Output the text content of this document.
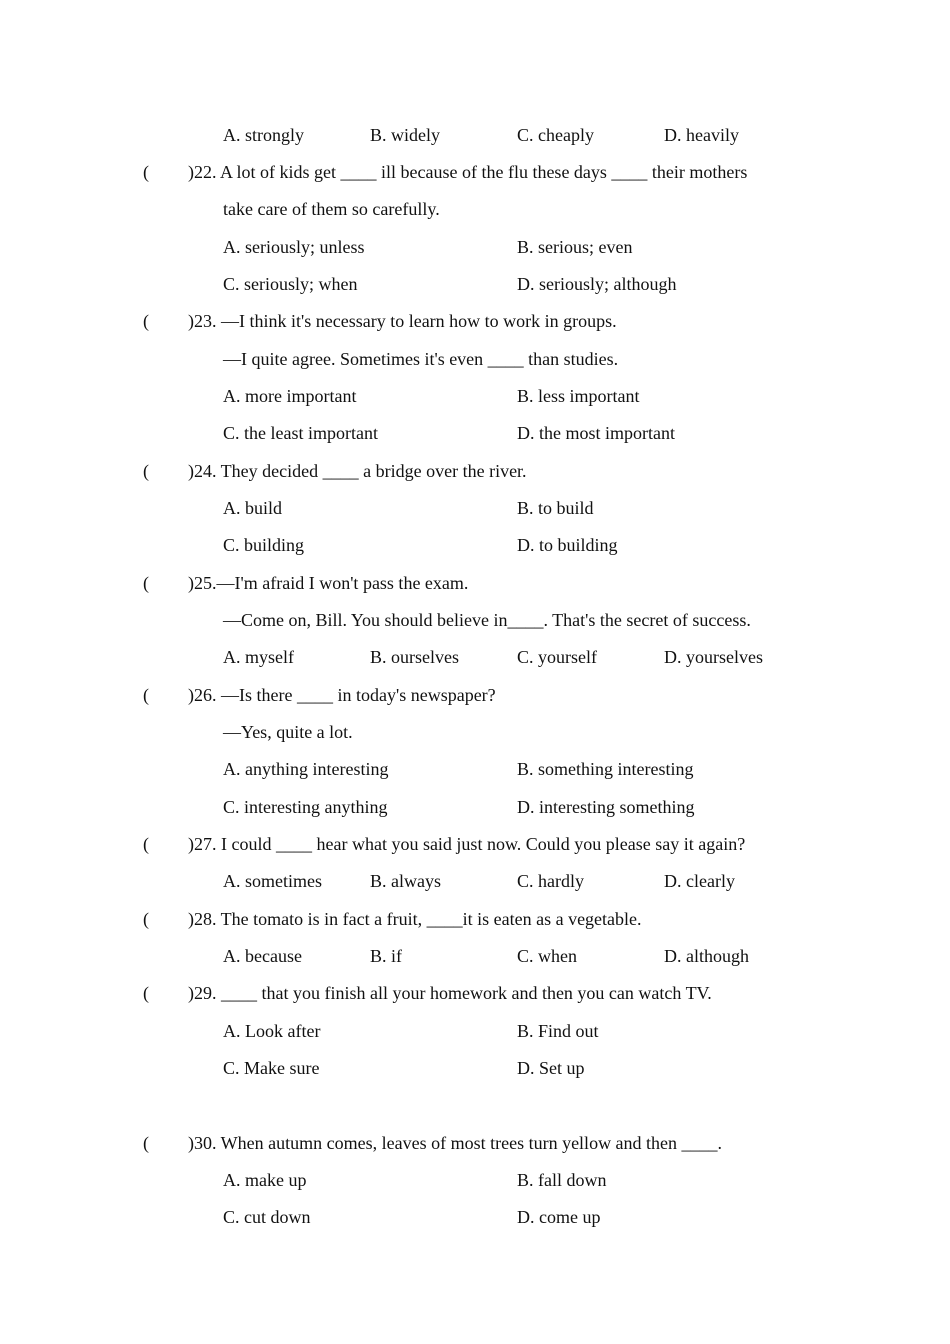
A. strongly	B. widely	C. cheaply	D. heavily
( )22. A lot of kids get ____ ill because of the flu these days ____ their mothers
take care of them so carefully.
A. seriously; unless	B. serious; even
C. seriously; when	D. seriously; although
( )23. —I think it's necessary to learn how to work in groups.
—I quite agree. Sometimes it's even ____ than studies.
A. more important	B. less important
C. the least important	D. the most important
( )24. They decided ____ a bridge over the river.
A. build	B. to build
C. building	D. to building
( )25.—I'm afraid I won't pass the exam.
—Come on, Bill. You should believe in____. That's the secret of success.
A. myself	B. ourselves	C. yourself	D. yourselves
( )26. —Is there ____ in today's newspaper?
—Yes, quite a lot.
A. anything interesting	B. something interesting
C. interesting anything	D. interesting something
( )27. I could ____ hear what you said just now. Could you please say it again?
A. sometimes	B. always	C. hardly	D. clearly
( )28. The tomato is in fact a fruit, ____it is eaten as a vegetable.
A. because	B. if	C. when	D. although
( )29. ____ that you finish all your homework and then you can watch TV.
A. Look after	B. Find out
C. Make sure	D. Set up
( )30. When autumn comes, leaves of most trees turn yellow and then ____.
A. make up	B. fall down
C. cut down	D. come up
